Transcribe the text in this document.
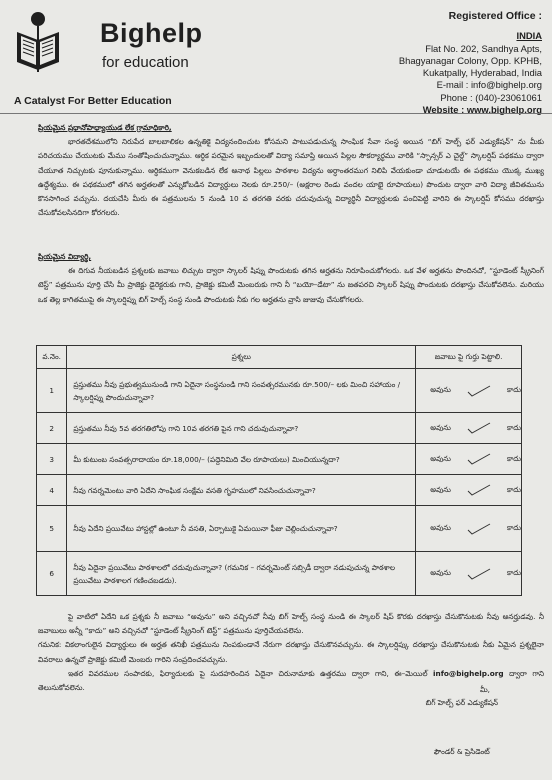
Bighelp
for education
A Catalyst For Better Education
Registered Office :
INDIA
Flat No. 202, Sandhya Apts,
Bhagyanagar Colony, Opp. KPHB,
Kukatpally, Hyderabad, India
E-mail : info@bighelp.org
Phone : (040)-23061061
Website : www.bighelp.org

ప్రియమైన ప్రధానోపాధ్యాయుడ లేక గ్రామాధికారి,

భారతదేశములోని నిరుపేద బాలబాలికల ఉన్నతికై విద్యనందించుట కోసమని పాటుపడుచున్న సాంఘిక సేవా సంస్థ అయిన “బిగ్ హెల్ప్ ఫర్ ఎడ్యుకేషన్” ను మీకు పరిచయము చేయుటకు మేము సంతోషించుచున్నాము. ఆర్థిక పరమైన ఇబ్బందులతో విద్యా సమాప్తి అయిన పిల్లల సౌకర్యార్థము వారికి “స్పాన్సర్ ఎ చైల్డ్” స్కాలర్షిప్ పథకము ద్వారా చేయూత నిచ్చుటకు పూనుకున్నాము. ఆర్థికముగా వెనుకబడిన లేక అనాథ పిల్లలు పాఠశాల విద్యను అర్ధాంతరముగ నిలిపి వేయకుండా చూడుటయే ఈ పథకము యొక్క ముఖ్య ఉద్దేశ్యము. ఈ పథకములో తగిన అర్హతలతో ఎన్నుకోబడిన విద్యార్థులు నెలకు రూ.250/– (అక్షరాల రెండు వందల యాభై రూపాయలు) పొందుట ద్వారా వారి విద్యా జీవితమును కొనసాగించ వచ్చును. దయచేసి మీరు ఈ పత్రములను 5 నుండి 10 వ తరగతి వరకు చదువుచున్న విద్యార్థినీ విద్యార్థులకు పంచిపెట్టి వారిని ఈ స్కాలర్షిప్ కోసము దరఖాస్తు చేసుకోవలసినదిగా కోరగలరు.

ప్రియమైన విద్యార్థి,

ఈ దిగువ నీయబడిన ప్రశ్నలకు జవాబు లిచ్చుట ద్వారా స్కాలర్ షిప్ను పొందుటకు తగిన అర్హతను నిరూపించుకోగలరు. ఒక వేళ అర్హతను పొందినచో, “స్టూడెంట్ స్క్రీనింగ్ టెస్ట్” పత్రమును పూర్తి చేసి మీ ప్రాజెక్టు డైరెక్టరుకు గాని, ప్రాజెక్టు కమిటీ మెంబరుకు గాని నీ “బయో–డేటా” ను జతపరచి స్కాలర్ షిప్ను పొందుటకు దరఖాస్తు చేసుకోవలెను. మరియు ఒక తెల్ల కాగితముపై ఈ స్కాలర్షిప్ను బిగ్ హెల్ప్ సంస్థ నుండి పొందుటకు నీకు గల అర్హతను వ్రాసి జుజువు చేసుకోగలరు.

వ.నెం.	ప్రశ్నలు	జవాబు పై గుర్తు పెట్టాలి.
1	ప్రస్తుతము నీవు ప్రభుత్వమునుండి గాని ఏదైనా సంస్థనుండి గాని సంవత్సరమునకు రూ.500/– లకు మించి సహాయం / స్కాలర్షిప్ను పొందుచున్నావా?	అవును కాదు

2	ప్రస్తుతము నీవు 5వ తరగతిలోపు గాని 10వ తరగతి పైన గాని చదువుచున్నావా?	అవును కాదు

3	మీ కుటుంబ సంవత్సరాదాయం రూ.18,000/– (పద్దెనిమిది వేల రూపాయలు) మించియున్నదా?	అవును కాదు

4	నీవు గవర్నమెంటు వారి ఏదేని సాంఘిక సంక్షేమ వసతి గృహములో నివసించుచున్నావా?	అవును కాదు

5	నీవు ఏదేని ప్రయివేటు హాస్టల్లో ఉంటూ నీ వసతి, ఏర్పాటుకై ఏమయినా ఫీజు చెల్లించుచున్నావా?	అవును కాదు

6	నీవు ఏదైనా ప్రయివేటు పాఠశాలలో చదువుచున్నావా? (గమనిక – గవర్నమెంట్ సబ్సిడీ ద్వారా నడుపుచున్న పాఠశాల ప్రయివేటు పాఠశాలగ గణించబడదు).	అవును కాదు

పై వాటిలో ఏదేని ఒక ప్రశ్నకు నీ జవాబు “అవును” అని వచ్చినచో నీవు బిగ్ హెల్ప్ సంస్థ నుండి ఈ స్కాలర్ షిప్ కొరకు దరఖాస్తు చేసుకొనుటకు నీవు అనర్హుడవు. నీ జవాబులు అన్నీ “కాదు” అని వచ్చినచో “స్టూడెంట్ స్క్రీనింగ్ టెస్ట్” పత్రమును పూర్తిచేయవలెను.

గమనిక: వికలాంగులైన విద్యార్థులు ఈ అర్హత తనిఖీ పత్రమును నింపకుండానే నేరుగా దరఖాస్తు చేసుకొనవచ్చును. ఈ స్కాలర్షిప్కు దరఖాస్తు చేసుకొనుటకు నీకు ఏమైన ప్రశ్నలైనా వివరాలు ఉన్నచో ప్రాజెక్టు కమిటీ మెంబరు గారిని సంప్రదించవచ్చును.

ఇతర వివరముల సంపాదకు, ఫిర్యాదులకు పై సుదహరించిన ఏదైనా చిరునామాకు ఉత్తరము ద్వారా గాని, ఈ–మెయిల్ info@bighelp.org ద్వారా గాని తెలుసుకోవలెను.	మీ,
బిగ్ హెల్ప్ ఫర్ ఎడ్యుకేషన్
ఫౌండర్ & ప్రెసిడెంట్
